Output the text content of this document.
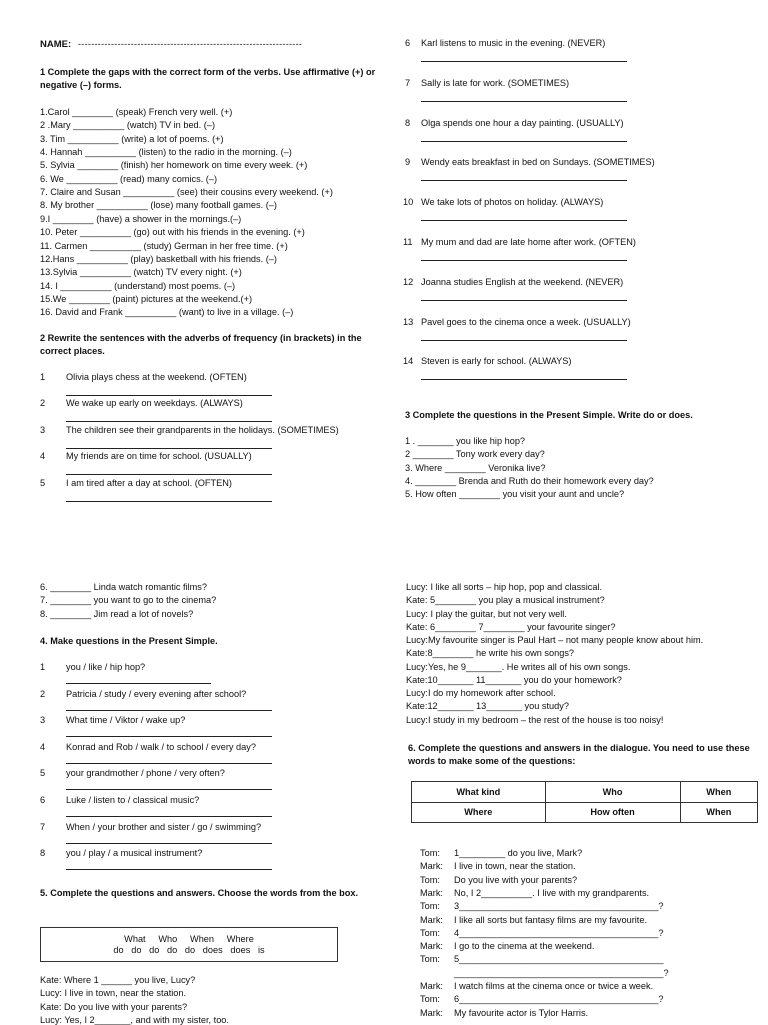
NAME: --------------------------------------------------------------------
1 Complete the gaps with the correct form of the verbs. Use affirmative (+) or negative (–) forms.
1.Carol ________ (speak) French very well. (+)
2 .Mary __________ (watch) TV in bed. (–)
3. Tim __________ (write) a lot of poems. (+)
4. Hannah __________ (listen) to the radio in the morning. (–)
5. Sylvia ________ (finish) her homework on time every week. (+)
6. We __________ (read) many comics. (–)
7. Claire and Susan __________ (see) their cousins every weekend. (+)
8. My brother __________ (lose) many football games. (–)
9.I ________ (have) a shower in the mornings.(–)
10. Peter __________ (go) out with his friends in the evening. (+)
11. Carmen __________ (study) German in her free time. (+)
12.Hans __________ (play) basketball with his friends. (–)
13.Sylvia __________ (watch) TV every night. (+)
14. I __________ (understand) most poems. (–)
15.We ________ (paint) pictures at the weekend.(+)
16. David and Frank __________ (want) to live in a village. (–)
2 Rewrite the sentences with the adverbs of frequency (in brackets) in the correct places.
1 Olivia plays chess at the weekend. (OFTEN)
2 We wake up early on weekdays. (ALWAYS)
3 The children see their grandparents in the holidays. (SOMETIMES)
4 My friends are on time for school. (USUALLY)
5 I am tired after a day at school. (OFTEN)
6 Karl listens to music in the evening. (NEVER)
7 Sally is late for work. (SOMETIMES)
8 Olga spends one hour a day painting. (USUALLY)
9 Wendy eats breakfast in bed on Sundays. (SOMETIMES)
10 We take lots of photos on holiday. (ALWAYS)
11 My mum and dad are late home after work. (OFTEN)
12 Joanna studies English at the weekend. (NEVER)
13 Pavel goes to the cinema once a week. (USUALLY)
14 Steven is early for school. (ALWAYS)
3 Complete the questions in the Present Simple. Write do or does.
1 . _______ you like hip hop?
2 ________ Tony work every day?
3. Where ________ Veronika live?
4. ________ Brenda and Ruth do their homework every day?
5. How often ________ you visit your aunt and uncle?
6. ________ Linda watch romantic films?
7. ________ you want to go to the cinema?
8. ________ Jim read a lot of novels?
4. Make questions in the Present Simple.
1 you / like / hip hop?
2 Patricia / study / every evening after school?
3 What time / Viktor / wake up?
4 Konrad and Rob / walk / to school / every day?
5 your grandmother / phone / very often?
6 Luke / listen to / classical music?
7 When / your brother and sister / go / swimming?
8 you / play / a musical instrument?
5. Complete the questions and answers. Choose the words from the box.
What     Who     When     Where
do   do   do   do   do   does   does   is
Kate: Where 1 ______ you live, Lucy?
Lucy: I live in town, near the station.
Kate: Do you live with your parents?
Lucy: Yes, I 2_______, and with my sister, too.
Lucy: I like all sorts – hip hop, pop and classical.
Kate: 5________ you play a musical instrument?
Lucy: I play the guitar, but not very well.
Kate: 6________ 7________ your favourite singer?
Lucy:My favourite singer is Paul Hart – not many people know about him.
Kate:8________ he write his own songs?
Lucy:Yes, he 9_______. He writes all of his own songs.
Kate:10_______ 11_______ you do your homework?
Lucy:I do my homework after school.
Kate:12_______ 13_______ you study?
Lucy:I study in my bedroom – the rest of the house is too noisy!
6. Complete the questions and answers in the dialogue. You need to use these words to make some of the questions:
What kind	Who	When
Where	How often	When
Tom: 1_________ do you live, Mark?
Mark: I live in town, near the station.
Tom: Do you live with your parents?
Mark: No, I 2__________. I live with my grandparents.
Tom: 3_______________________________________?
Mark: I like all sorts but fantasy films are my favourite.
Tom: 4_______________________________________?
Mark: I go to the cinema at the weekend.
Tom: 5________________________________________
_________________________________________?
Mark: I watch films at the cinema once or twice a week.
Tom: 6_______________________________________?
Mark: My favourite actor is Tylor Harris.
